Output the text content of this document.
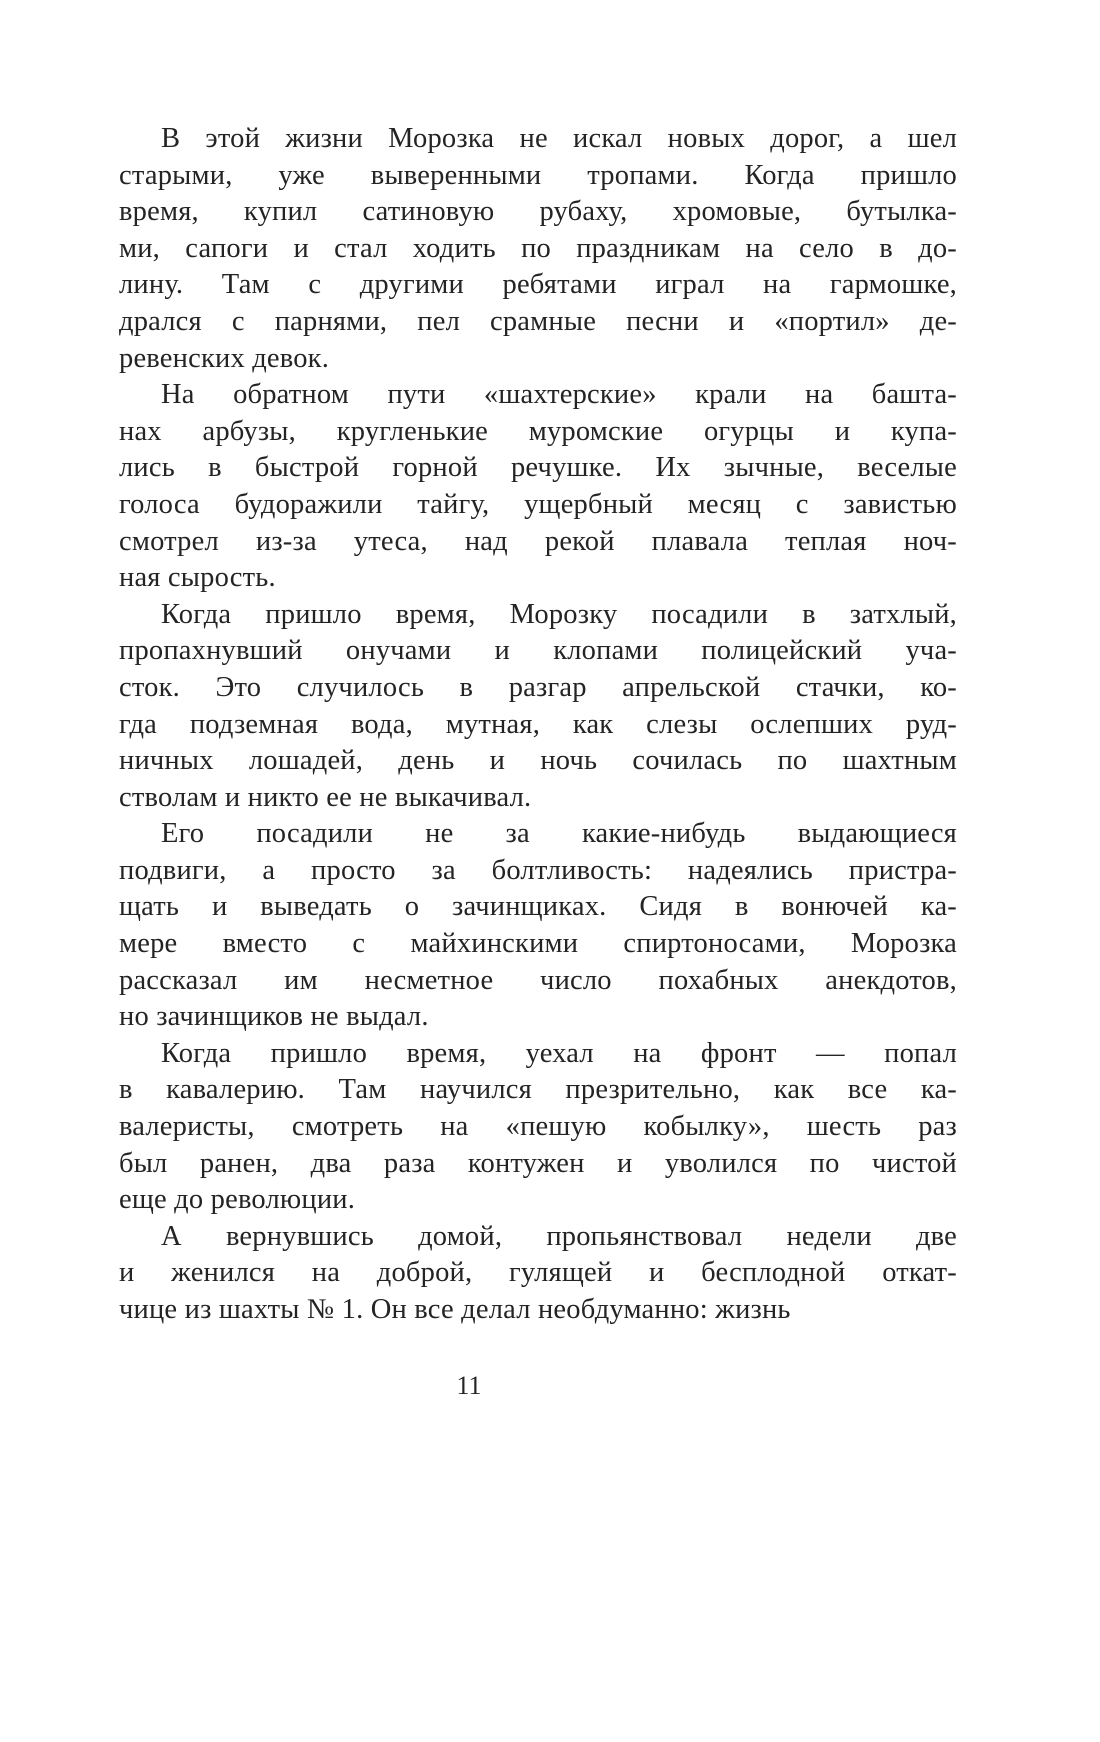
В этой жизни Морозка не искал новых дорог, а шел
старыми, уже выверенными тропами. Когда пришло
время, купил сатиновую рубаху, хромовые, бутылка-
ми, сапоги и стал ходить по праздникам на село в до-
лину. Там с другими ребятами играл на гармошке,
дрался с парнями, пел срамные песни и «портил» де-
ревенских девок.

На обратном пути «шахтерские» крали на башта-
нах арбузы, кругленькие муромские огурцы и купа-
лись в быстрой горной речушке. Их зычные, веселые
голоса будоражили тайгу, ущербный месяц с завистью
смотрел из-за утеса, над рекой плавала теплая ноч-
ная сырость.

Когда пришло время, Морозку посадили в затхлый,
пропахнувший онучами и клопами полицейский уча-
сток. Это случилось в разгар апрельской стачки, ко-
гда подземная вода, мутная, как слезы ослепших руд-
ничных лошадей, день и ночь сочилась по шахтным
стволам и никто ее не выкачивал.

Его посадили не за какие-нибудь выдающиеся
подвиги, а просто за болтливость: надеялись пристра-
щать и выведать о зачинщиках. Сидя в вонючей ка-
мере вместо с майхинскими спиртоносами, Морозка
рассказал им несметное число похабных анекдотов,
но зачинщиков не выдал.

Когда пришло время, уехал на фронт — попал
в кавалерию. Там научился презрительно, как все ка-
валеристы, смотреть на «пешую кобылку», шесть раз
был ранен, два раза контужен и уволился по чистой
еще до революции.

А вернувшись домой, пропьянствовал недели две
и женился на доброй, гулящей и бесплодной откат-
чице из шахты № 1. Он все делал необдуманно: жизнь

11
